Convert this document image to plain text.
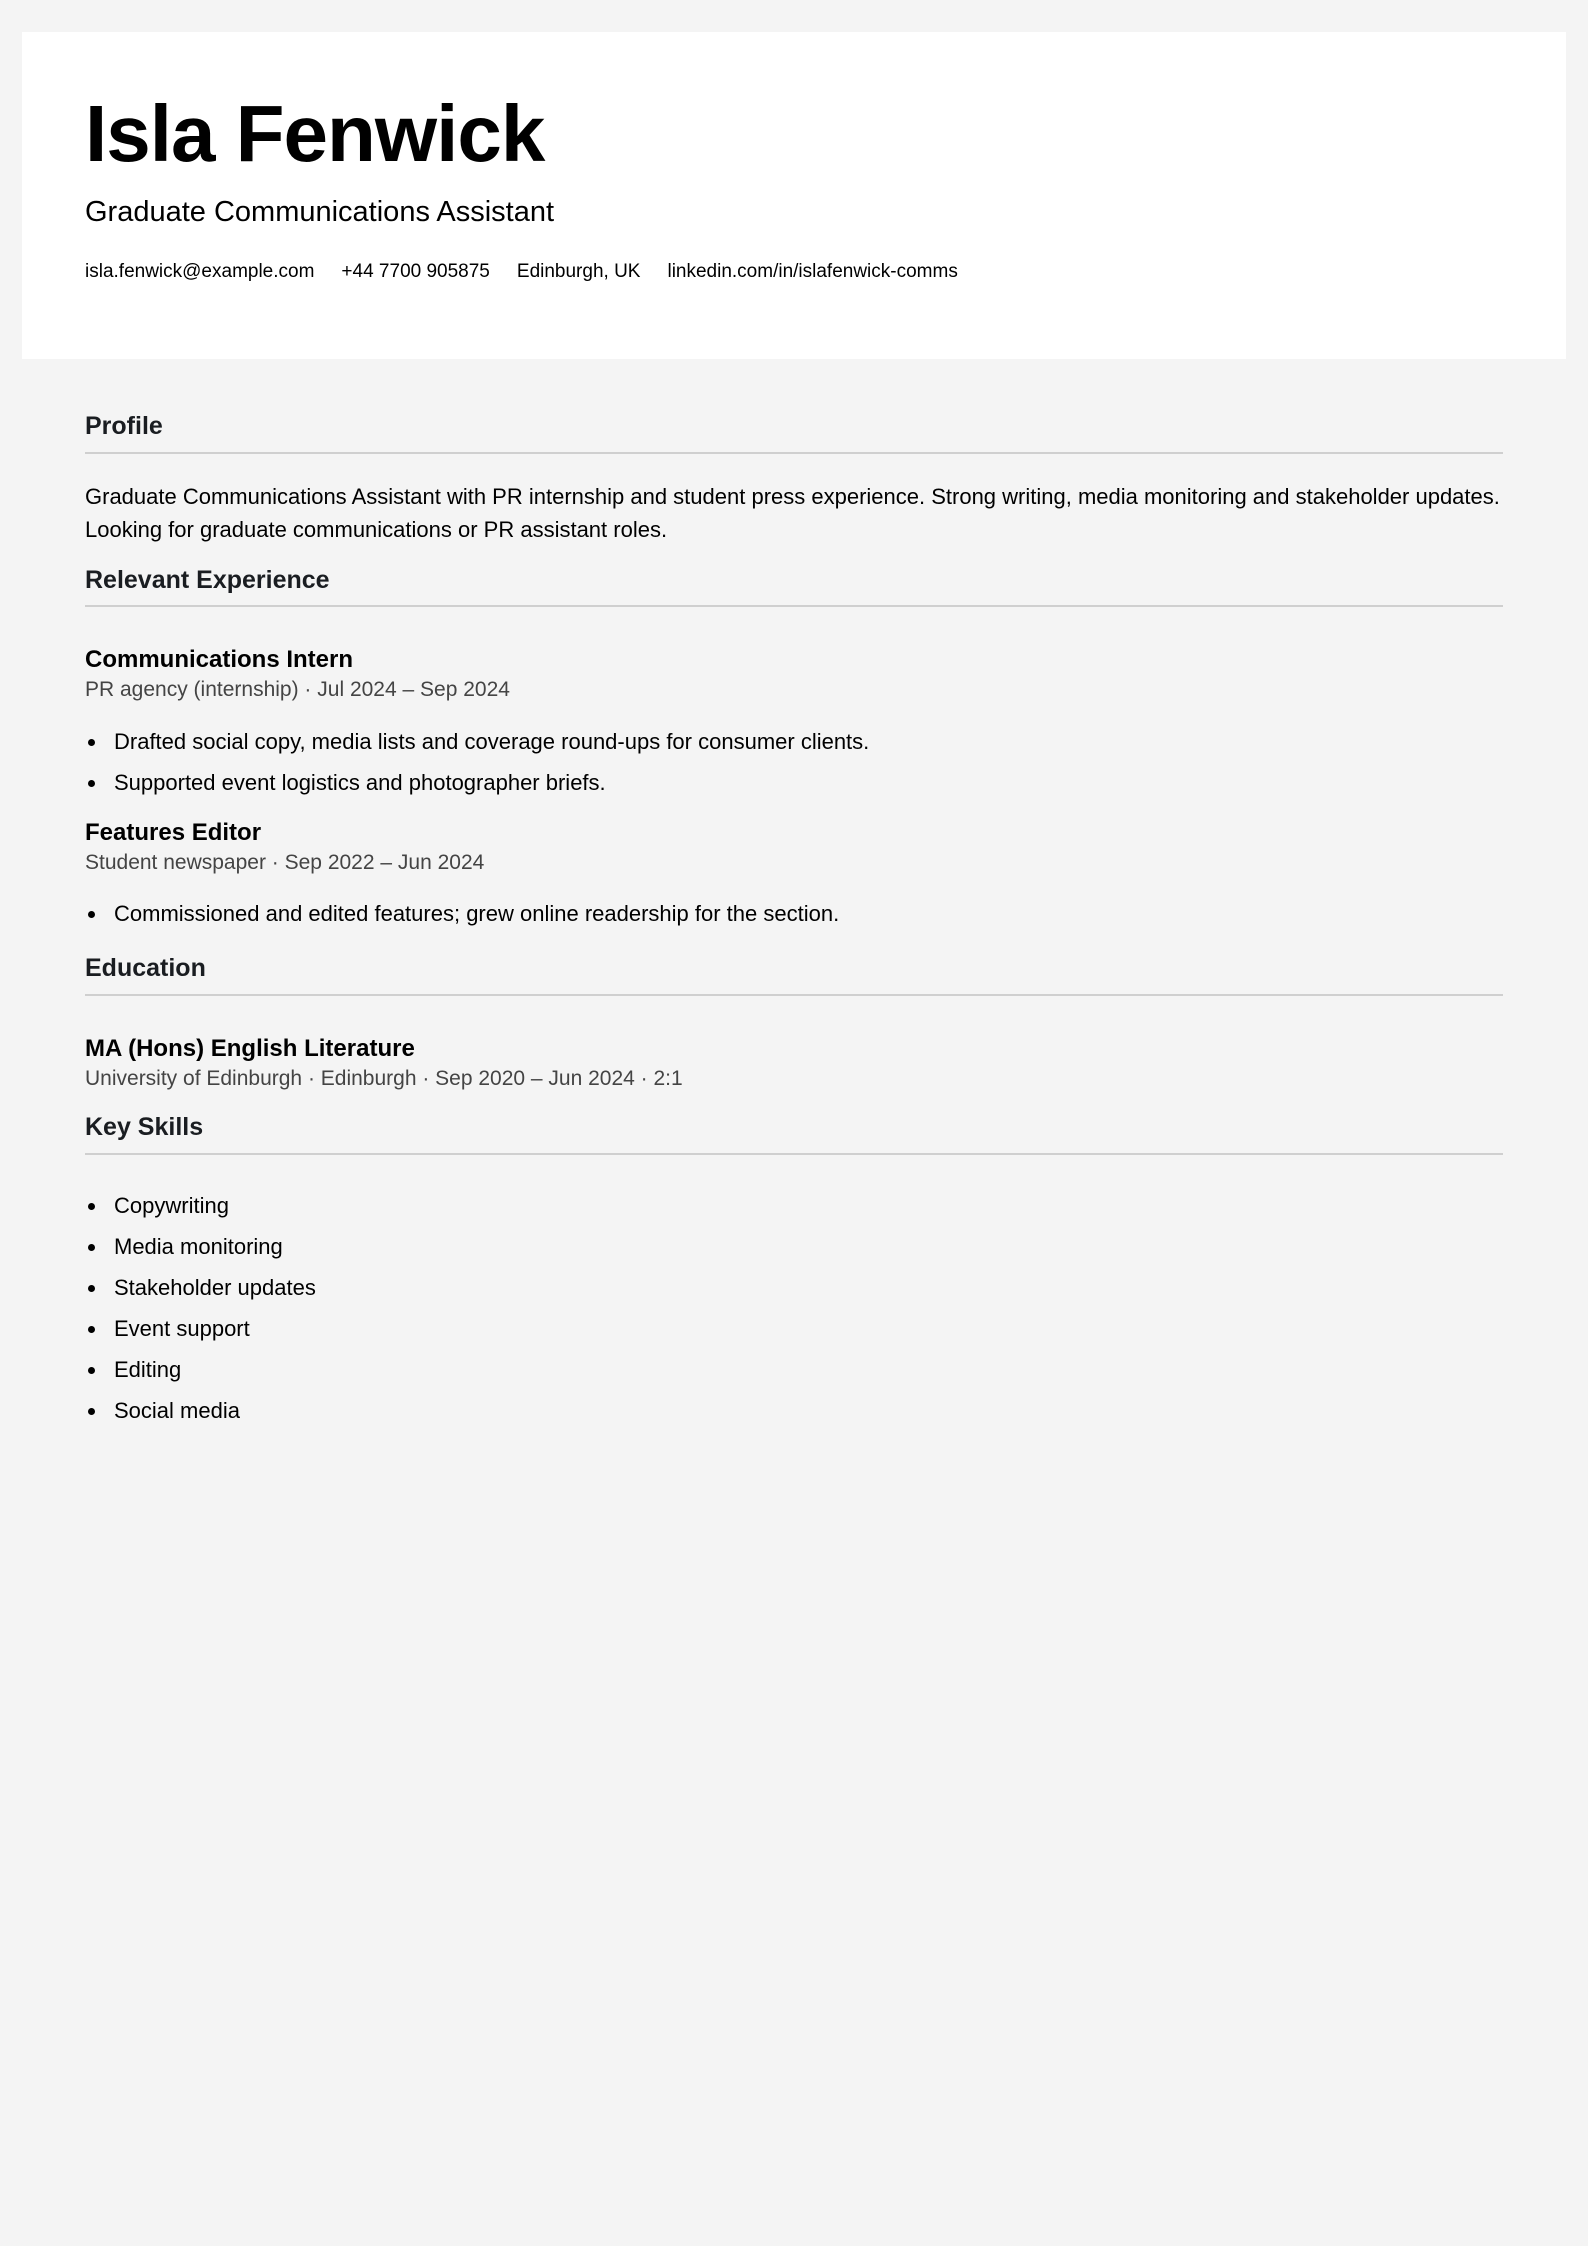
Isla Fenwick

Graduate Communications Assistant

isla.fenwick@example.com +44 7700 905875 Edinburgh, UK linkedin.com/in/islafenwick-comms
Profile

Graduate Communications Assistant with PR internship and student press experience. Strong writing, media monitoring and stakeholder updates. Looking for graduate communications or PR assistant roles.

Relevant Experience
Communications Intern

PR agency (internship) · Jul 2024 – Sep 2024

Drafted social copy, media lists and coverage round-ups for consumer clients.
Supported event logistics and photographer briefs.
Features Editor

Student newspaper · Sep 2022 – Jun 2024

Commissioned and edited features; grew online readership for the section.
Education
MA (Hons) English Literature

University of Edinburgh · Edinburgh · Sep 2020 – Jun 2024 · 2:1

Key Skills
Copywriting
Media monitoring
Stakeholder updates
Event support
Editing
Social media
